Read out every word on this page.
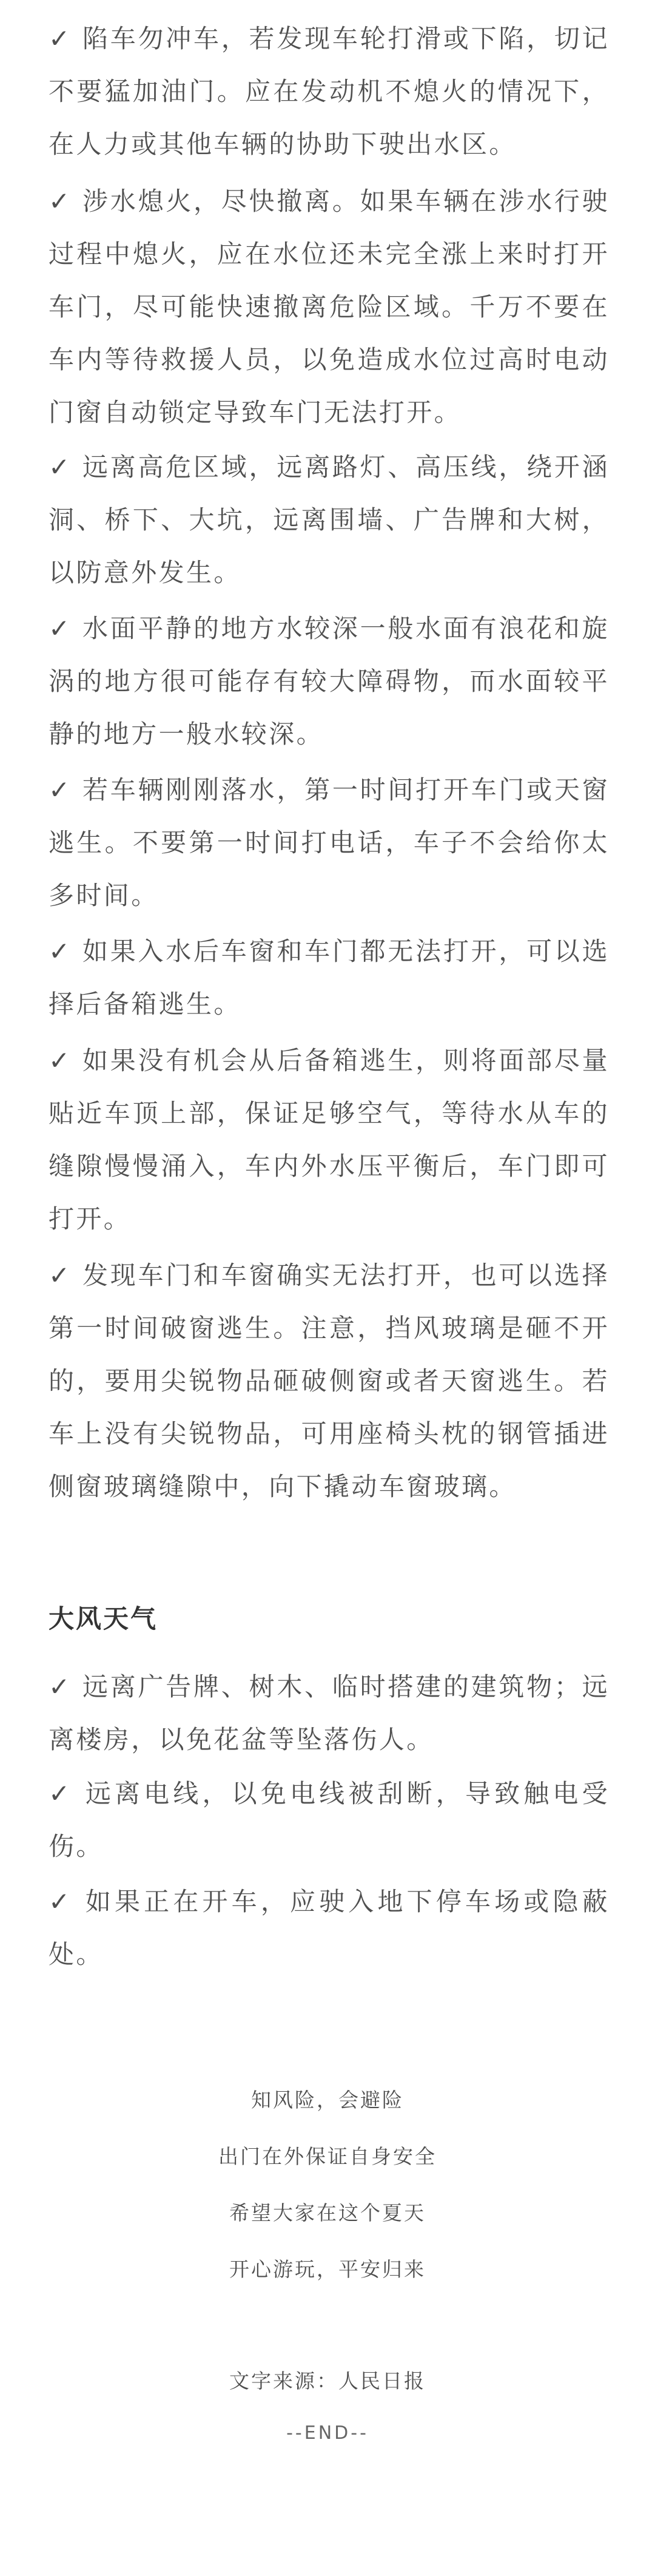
✓ 陷车勿冲车，若发现车轮打滑或下陷，切记不要猛加油门。应在发动机不熄火的情况下，在人力或其他车辆的协助下驶出水区。

✓ 涉水熄火，尽快撤离。如果车辆在涉水行驶过程中熄火，应在水位还未完全涨上来时打开车门，尽可能快速撤离危险区域。千万不要在车内等待救援人员，以免造成水位过高时电动门窗自动锁定导致车门无法打开。

✓ 远离高危区域，远离路灯、高压线，绕开涵洞、桥下、大坑，远离围墙、广告牌和大树，以防意外发生。

✓ 水面平静的地方水较深一般水面有浪花和旋涡的地方很可能存有较大障碍物，而水面较平静的地方一般水较深。

✓ 若车辆刚刚落水，第一时间打开车门或天窗逃生。不要第一时间打电话，车子不会给你太多时间。

✓ 如果入水后车窗和车门都无法打开，可以选择后备箱逃生。

✓ 如果没有机会从后备箱逃生，则将面部尽量贴近车顶上部，保证足够空气，等待水从车的缝隙慢慢涌入，车内外水压平衡后，车门即可打开。

✓ 发现车门和车窗确实无法打开，也可以选择第一时间破窗逃生。注意，挡风玻璃是砸不开的，要用尖锐物品砸破侧窗或者天窗逃生。若车上没有尖锐物品，可用座椅头枕的钢管插进侧窗玻璃缝隙中，向下撬动车窗玻璃。

大风天气

✓ 远离广告牌、树木、临时搭建的建筑物；远离楼房，以免花盆等坠落伤人。

✓ 远离电线，以免电线被刮断，导致触电受伤。

✓ 如果正在开车，应驶入地下停车场或隐蔽处。

知风险，会避险

出门在外保证自身安全

希望大家在这个夏天

开心游玩，平安归来

文字来源：人民日报

--END--
